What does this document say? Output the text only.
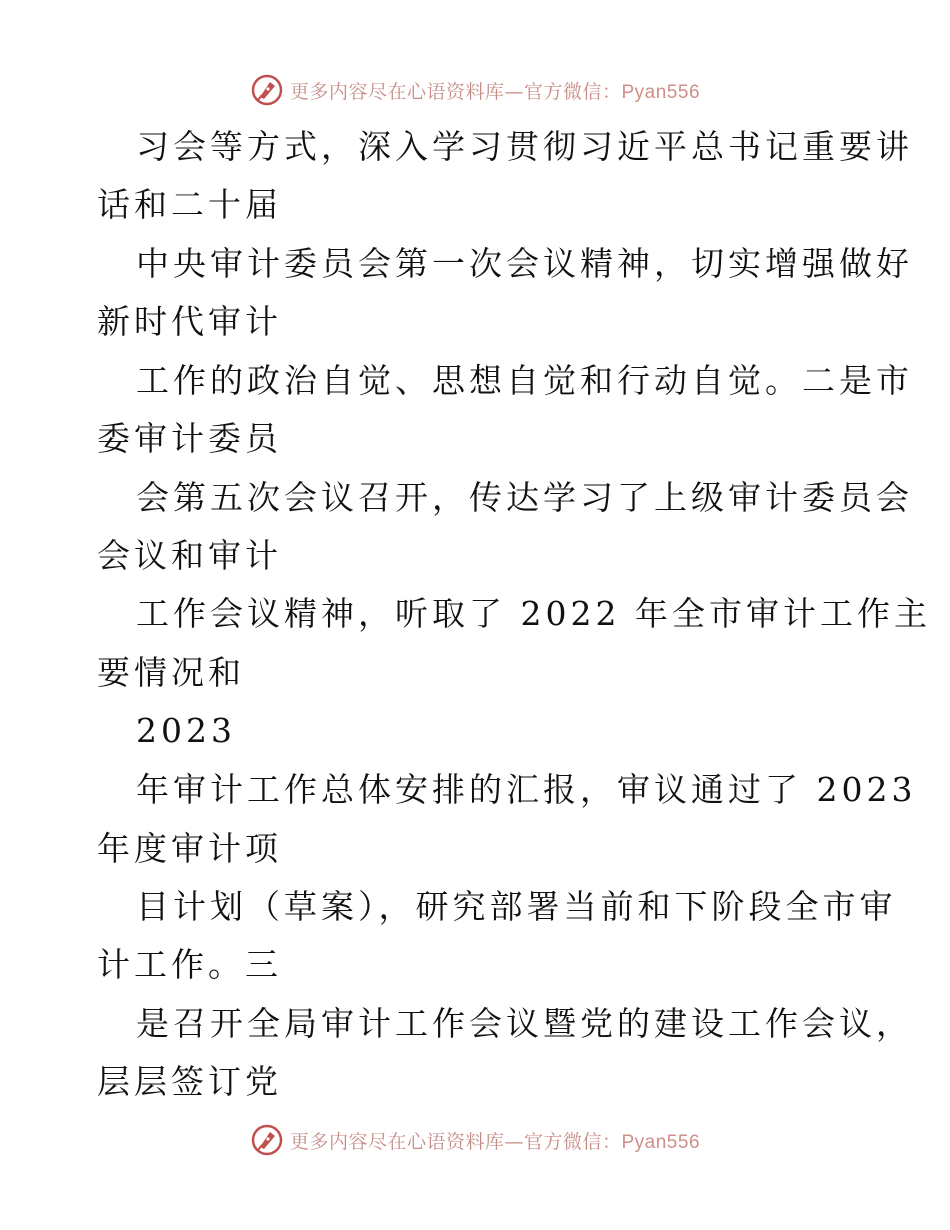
更多内容尽在心语资料库—官方微信：Pyan556
习会等方式，深入学习贯彻习近平总书记重要讲
话和二十届
中央审计委员会第一次会议精神，切实增强做好
新时代审计
工作的政治自觉、思想自觉和行动自觉。二是市
委审计委员
会第五次会议召开，传达学习了上级审计委员会
会议和审计
工作会议精神，听取了 2022 年全市审计工作主
要情况和
2023
年审计工作总体安排的汇报，审议通过了 2023
年度审计项
目计划（草案），研究部署当前和下阶段全市审
计工作。三
是召开全局审计工作会议暨党的建设工作会议，
层层签订党
更多内容尽在心语资料库—官方微信：Pyan556
